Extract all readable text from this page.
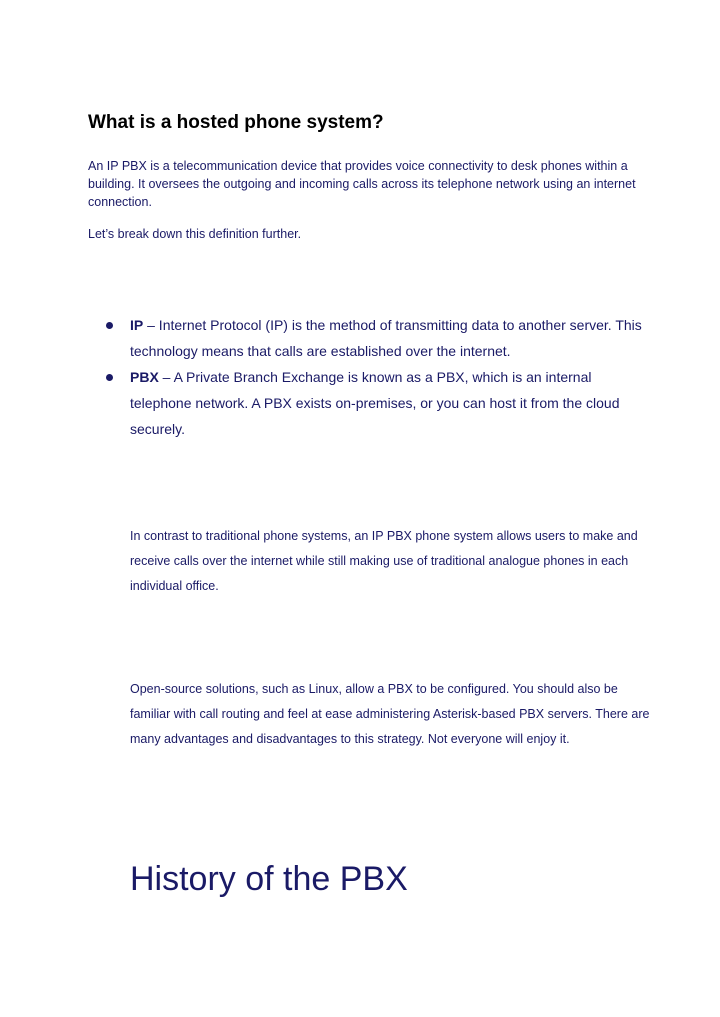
What is a hosted phone system?

An IP PBX is a telecommunication device that provides voice connectivity to desk phones within a building. It oversees the outgoing and incoming calls across its telephone network using an internet connection.

Let’s break down this definition further.

IP – Internet Protocol (IP) is the method of transmitting data to another server. This technology means that calls are established over the internet.
PBX – A Private Branch Exchange is known as a PBX, which is an internal telephone network. A PBX exists on-premises, or you can host it from the cloud securely.

In contrast to traditional phone systems, an IP PBX phone system allows users to make and receive calls over the internet while still making use of traditional analogue phones in each individual office.

Open-source solutions, such as Linux, allow a PBX to be configured. You should also be familiar with call routing and feel at ease administering Asterisk-based PBX servers. There are many advantages and disadvantages to this strategy. Not everyone will enjoy it.

History of the PBX
